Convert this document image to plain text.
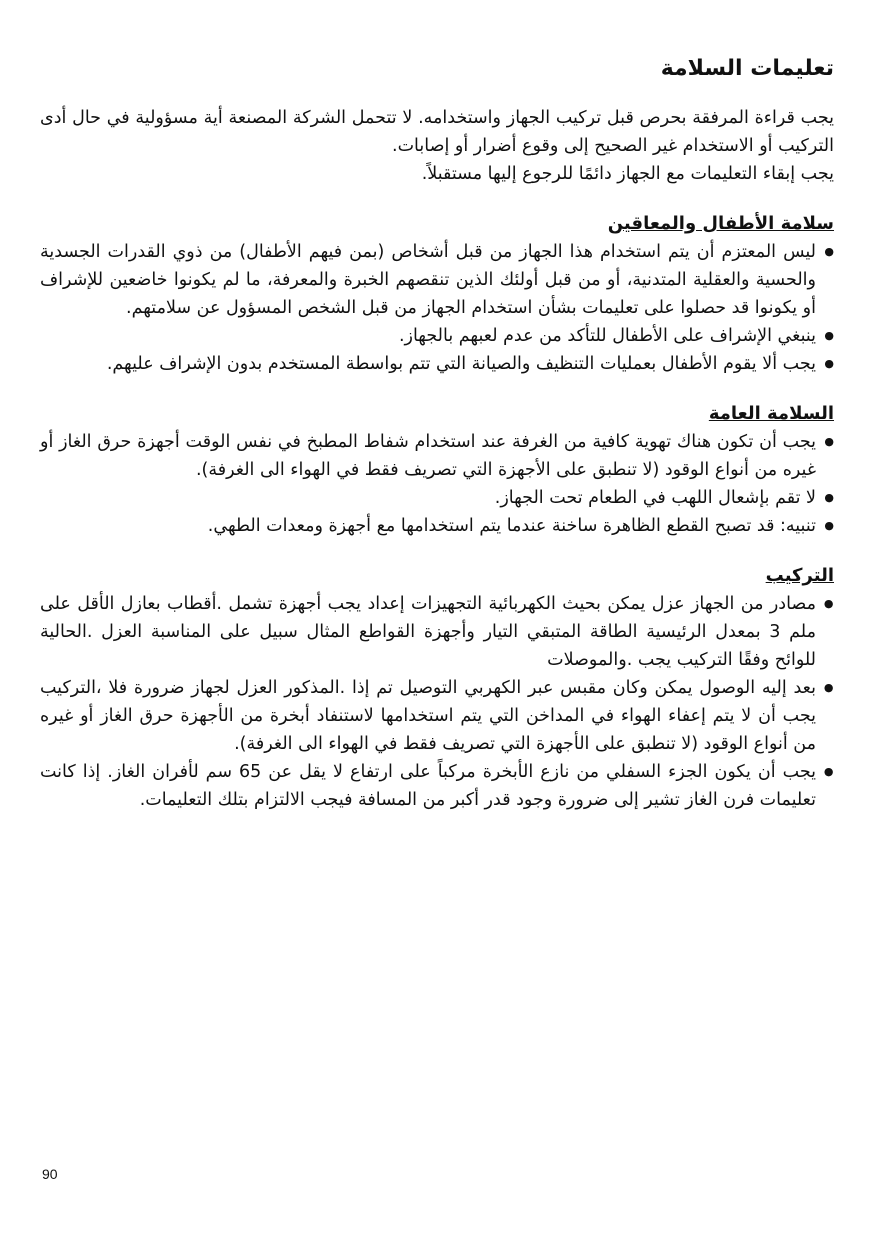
تعليمات السلامة

يجب قراءة المرفقة بحرص قبل تركيب الجهاز واستخدامه. لا تتحمل الشركة المصنعة أية مسؤولية في حال أدى التركيب أو الاستخدام غير الصحيح إلى وقوع أضرار أو إصابات.

يجب إبقاء التعليمات مع الجهاز دائمًا للرجوع إليها مستقبلاً.

سلامة الأطفال والمعاقين
● ليس المعتزم أن يتم استخدام هذا الجهاز من قبل أشخاص (بمن فيهم الأطفال) من ذوي القدرات الجسدية والحسية والعقلية المتدنية، أو من قبل أولئك الذين تنقصهم الخبرة والمعرفة، ما لم يكونوا خاضعين للإشراف أو يكونوا قد حصلوا على تعليمات بشأن استخدام الجهاز من قبل الشخص المسؤول عن سلامتهم.
● ينبغي الإشراف على الأطفال للتأكد من عدم لعبهم بالجهاز.
● يجب ألا يقوم الأطفال بعمليات التنظيف والصيانة التي تتم بواسطة المستخدم بدون الإشراف عليهم.
السلامة العامة
● يجب أن تكون هناك تهوية كافية من الغرفة عند استخدام شفاط المطبخ في نفس الوقت أجهزة حرق الغاز أو غيره من أنواع الوقود (لا تنطبق على الأجهزة التي تصريف فقط في الهواء الى الغرفة).
● لا تقم بإشعال اللهب في الطعام تحت الجهاز.
● تنبيه: قد تصبح القطع الظاهرة ساخنة عندما يتم استخدامها مع أجهزة ومعدات الطهي.
التركيب
● مصادر من الجهاز عزل يمكن بحيث الكهربائية التجهيزات إعداد يجب أجهزة تشمل .أقطاب بعازل الأقل على ملم 3 بمعدل الرئيسية الطاقة المتبقي التيار وأجهزة القواطع المثال سبيل على المناسبة العزل .الحالية للوائح وفقًا التركيب يجب .والموصلات
● بعد إليه الوصول يمكن وكان مقبس عبر الكهربي التوصيل تم إذا .المذكور العزل لجهاز ضرورة فلا ،التركيب يجب أن لا يتم إعفاء الهواء في المداخن التي يتم استخدامها لاستنفاد أبخرة من الأجهزة حرق الغاز أو غيره من أنواع الوقود (لا تنطبق على الأجهزة التي تصريف فقط في الهواء الى الغرفة).
● يجب أن يكون الجزء السفلي من نازع الأبخرة مركباً على ارتفاع لا يقل عن 65 سم لأفران الغاز. إذا كانت تعليمات فرن الغاز تشير إلى ضرورة وجود قدر أكبر من المسافة فيجب الالتزام بتلك التعليمات.
90
